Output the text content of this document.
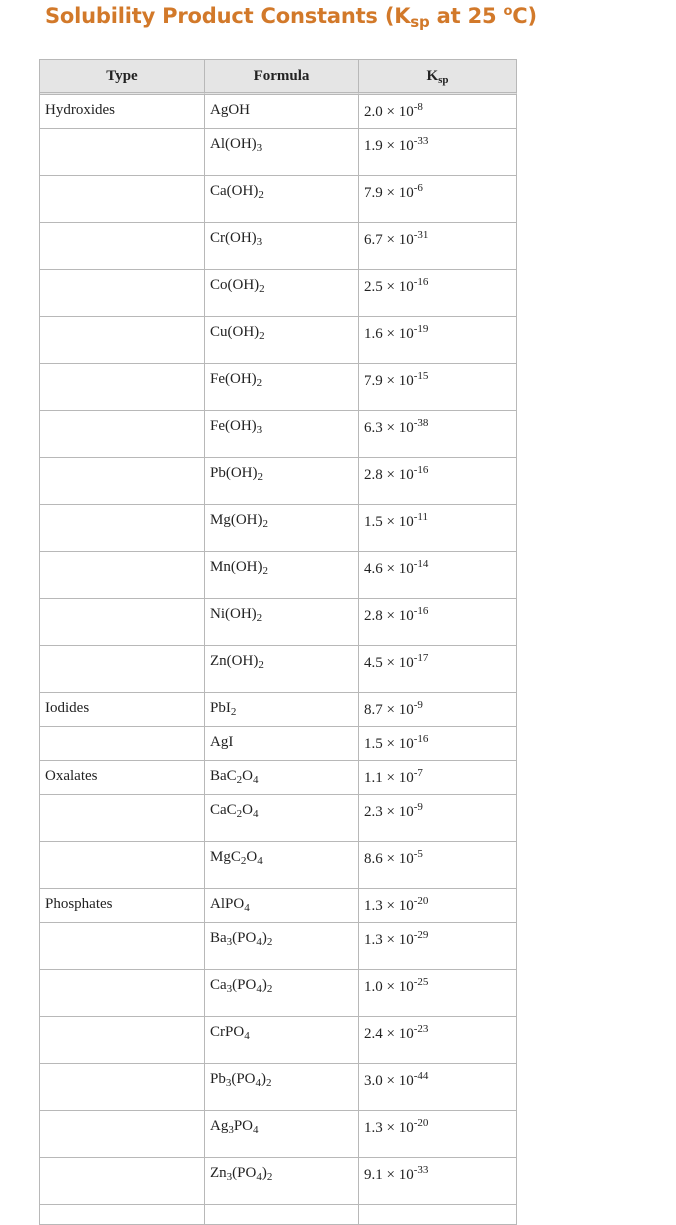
Solubility Product Constants ($K_{sp}$ at 25 $^o$C)
Type	Formula	$K_{sp}$
Hydroxides	AgOH	$2.0 \times 10^{-8}$
	$Al(OH)_3$	$1.9 \times 10^{-33}$
	$Ca(OH)_2$	$7.9 \times 10^{-6}$
	$Cr(OH)_3$	$6.7 \times 10^{-31}$
	$Co(OH)_2$	$2.5 \times 10^{-16}$
	$Cu(OH)_2$	$1.6 \times 10^{-19}$
	$Fe(OH)_2$	$7.9 \times 10^{-15}$
	$Fe(OH)_3$	$6.3 \times 10^{-38}$
	$Pb(OH)_2$	$2.8 \times 10^{-16}$
	$Mg(OH)_2$	$1.5 \times 10^{-11}$
	$Mn(OH)_2$	$4.6 \times 10^{-14}$
	$Ni(OH)_2$	$2.8 \times 10^{-16}$
	$Zn(OH)_2$	$4.5 \times 10^{-17}$
Iodides	PbI$_2$	$8.7 \times 10^{-9}$
	AgI	$1.5 \times 10^{-16}$
Oxalates	$BaC_2O_4$	$1.1 \times 10^{-7}$
	$CaC_2O_4$	$2.3 \times 10^{-9}$
	$MgC_2O_4$	$8.6 \times 10^{-5}$
Phosphates	AlPO$_4$	$1.3 \times 10^{-20}$
	$Ba_3(PO_4)_2$	$1.3 \times 10^{-29}$
	$Ca_3(PO_4)_2$	$1.0 \times 10^{-25}$
	CrPO$_4$	$2.4 \times 10^{-23}$
	$Pb_3(PO_4)_2$	$3.0 \times 10^{-44}$
	$Ag_3PO_4$	$1.3 \times 10^{-20}$
	$Zn_3(PO_4)_2$	$9.1 \times 10^{-33}$
